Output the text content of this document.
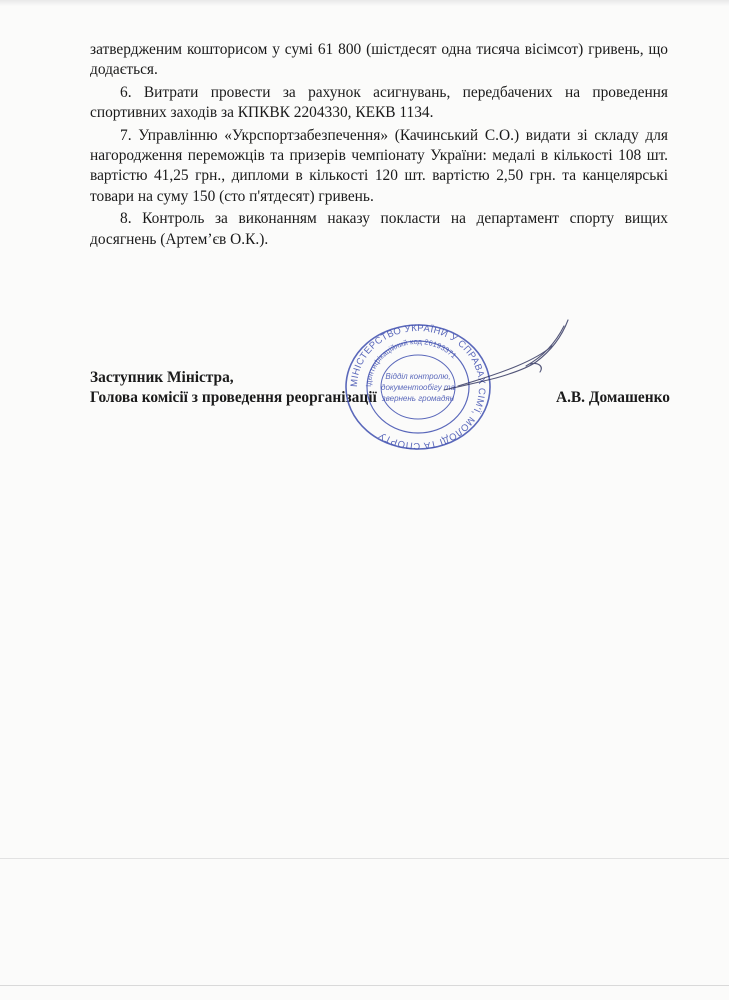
затвердженим кошторисом у сумі 61 800 (шістдесят одна тисяча вісімсот) гривень, що додається.

6. Витрати провести за рахунок асигнувань, передбачених на проведення спортивних заходів за КПКВК 2204330, КЕКВ 1134.

7. Управлінню «Укрспортзабезпечення» (Качинський С.О.) видати зі складу для нагородження переможців та призерів чемпіонату України: медалі в кількості 108 шт. вартістю 41,25 грн., дипломи в кількості 120 шт. вартістю 2,50 грн. та канцелярські товари на суму 150 (сто п'ятдесят) гривень.

8. Контроль за виконанням наказу покласти на департамент спорту вищих досягнень (Артем’єв О.К.).

Заступник Міністра,
Голова комісії з проведення реорганізації	А.В. Домашенко
МІНІСТЕРСТВО УКРАЇНИ У СПРАВАХ СІМ'Ї, МОЛОДІ ТА СПОРТУ
Ідентифікаційний код 26193371
Відділ контролю,
документообігу та
звернень громадян
